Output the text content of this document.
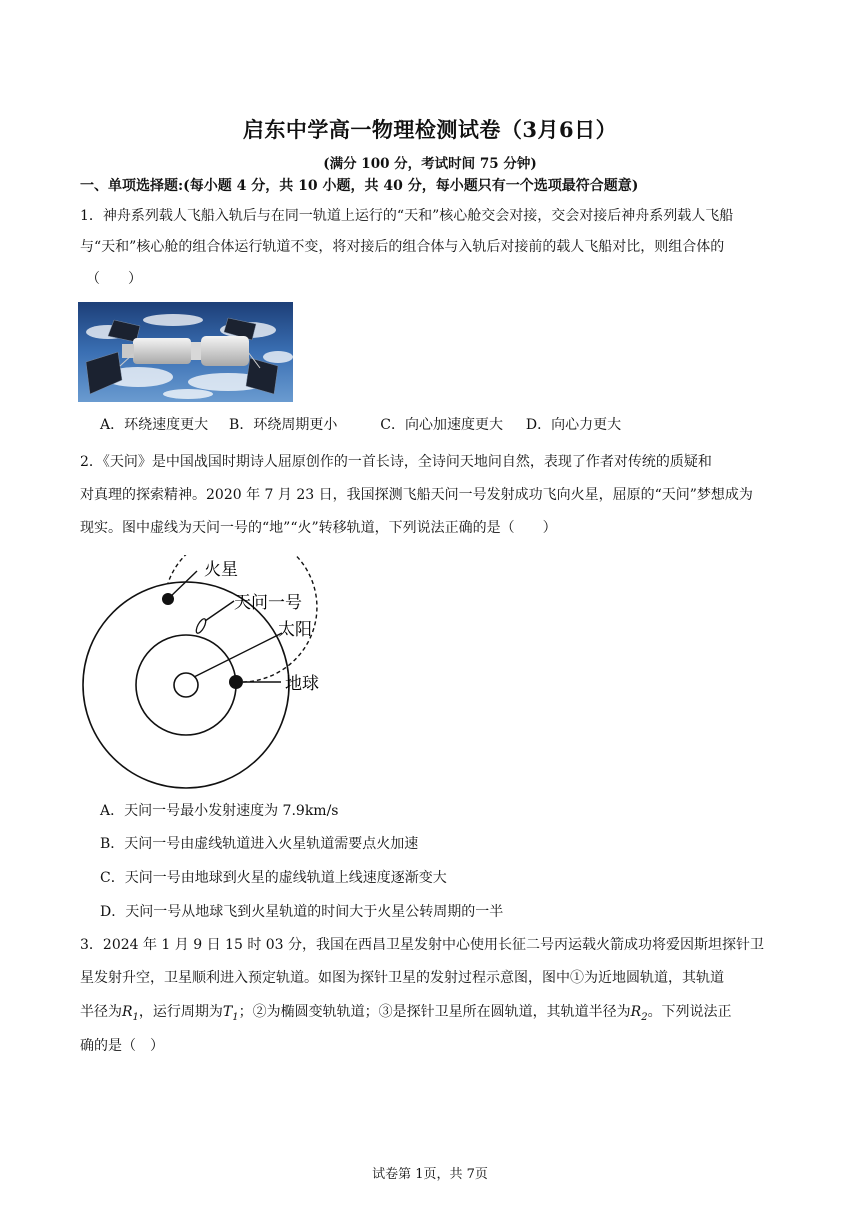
启东中学高一物理检测试卷（3月6日）
(满分 100 分，考试时间 75 分钟)
一、单项选择题:(每小题 4 分，共 10 小题，共 40 分，每小题只有一个选项最符合题意)
1．神舟系列载人飞船入轨后与在同一轨道上运行的“天和”核心舱交会对接，交会对接后神舟系列载人飞船
与“天和”核心舱的组合体运行轨道不变，将对接后的组合体与入轨后对接前的载人飞船对比，则组合体的
（　　）
A．环绕速度更大 B．环绕周期更小	C．向心加速度更大 D．向心力更大
2．《天问》是中国战国时期诗人屈原创作的一首长诗，全诗问天地问自然，表现了作者对传统的质疑和
对真理的探索精神。2020 年 7 月 23 日，我国探测飞船天问一号发射成功飞向火星，屈原的“天问”梦想成为
现实。图中虚线为天问一号的“地”“火”转移轨道，下列说法正确的是（　　）
火星
天问一号
太阳
地球
A．天问一号最小发射速度为 7.9km/s
B．天问一号由虚线轨道进入火星轨道需要点火加速
C．天问一号由地球到火星的虚线轨道上线速度逐渐变大
D．天问一号从地球飞到火星轨道的时间大于火星公转周期的一半
3．2024 年 1 月 9 日 15 时 03 分，我国在西昌卫星发射中心使用长征二号丙运载火箭成功将爱因斯坦探针卫
星发射升空，卫星顺利进入预定轨道。如图为探针卫星的发射过程示意图，图中①为近地圆轨道，其轨道
半径为$R_1$，运行周期为$T_1$；②为椭圆变轨轨道；③是探针卫星所在圆轨道，其轨道半径为$R_2$。下列说法正
确的是（　）
试卷第 1页，共 7页
